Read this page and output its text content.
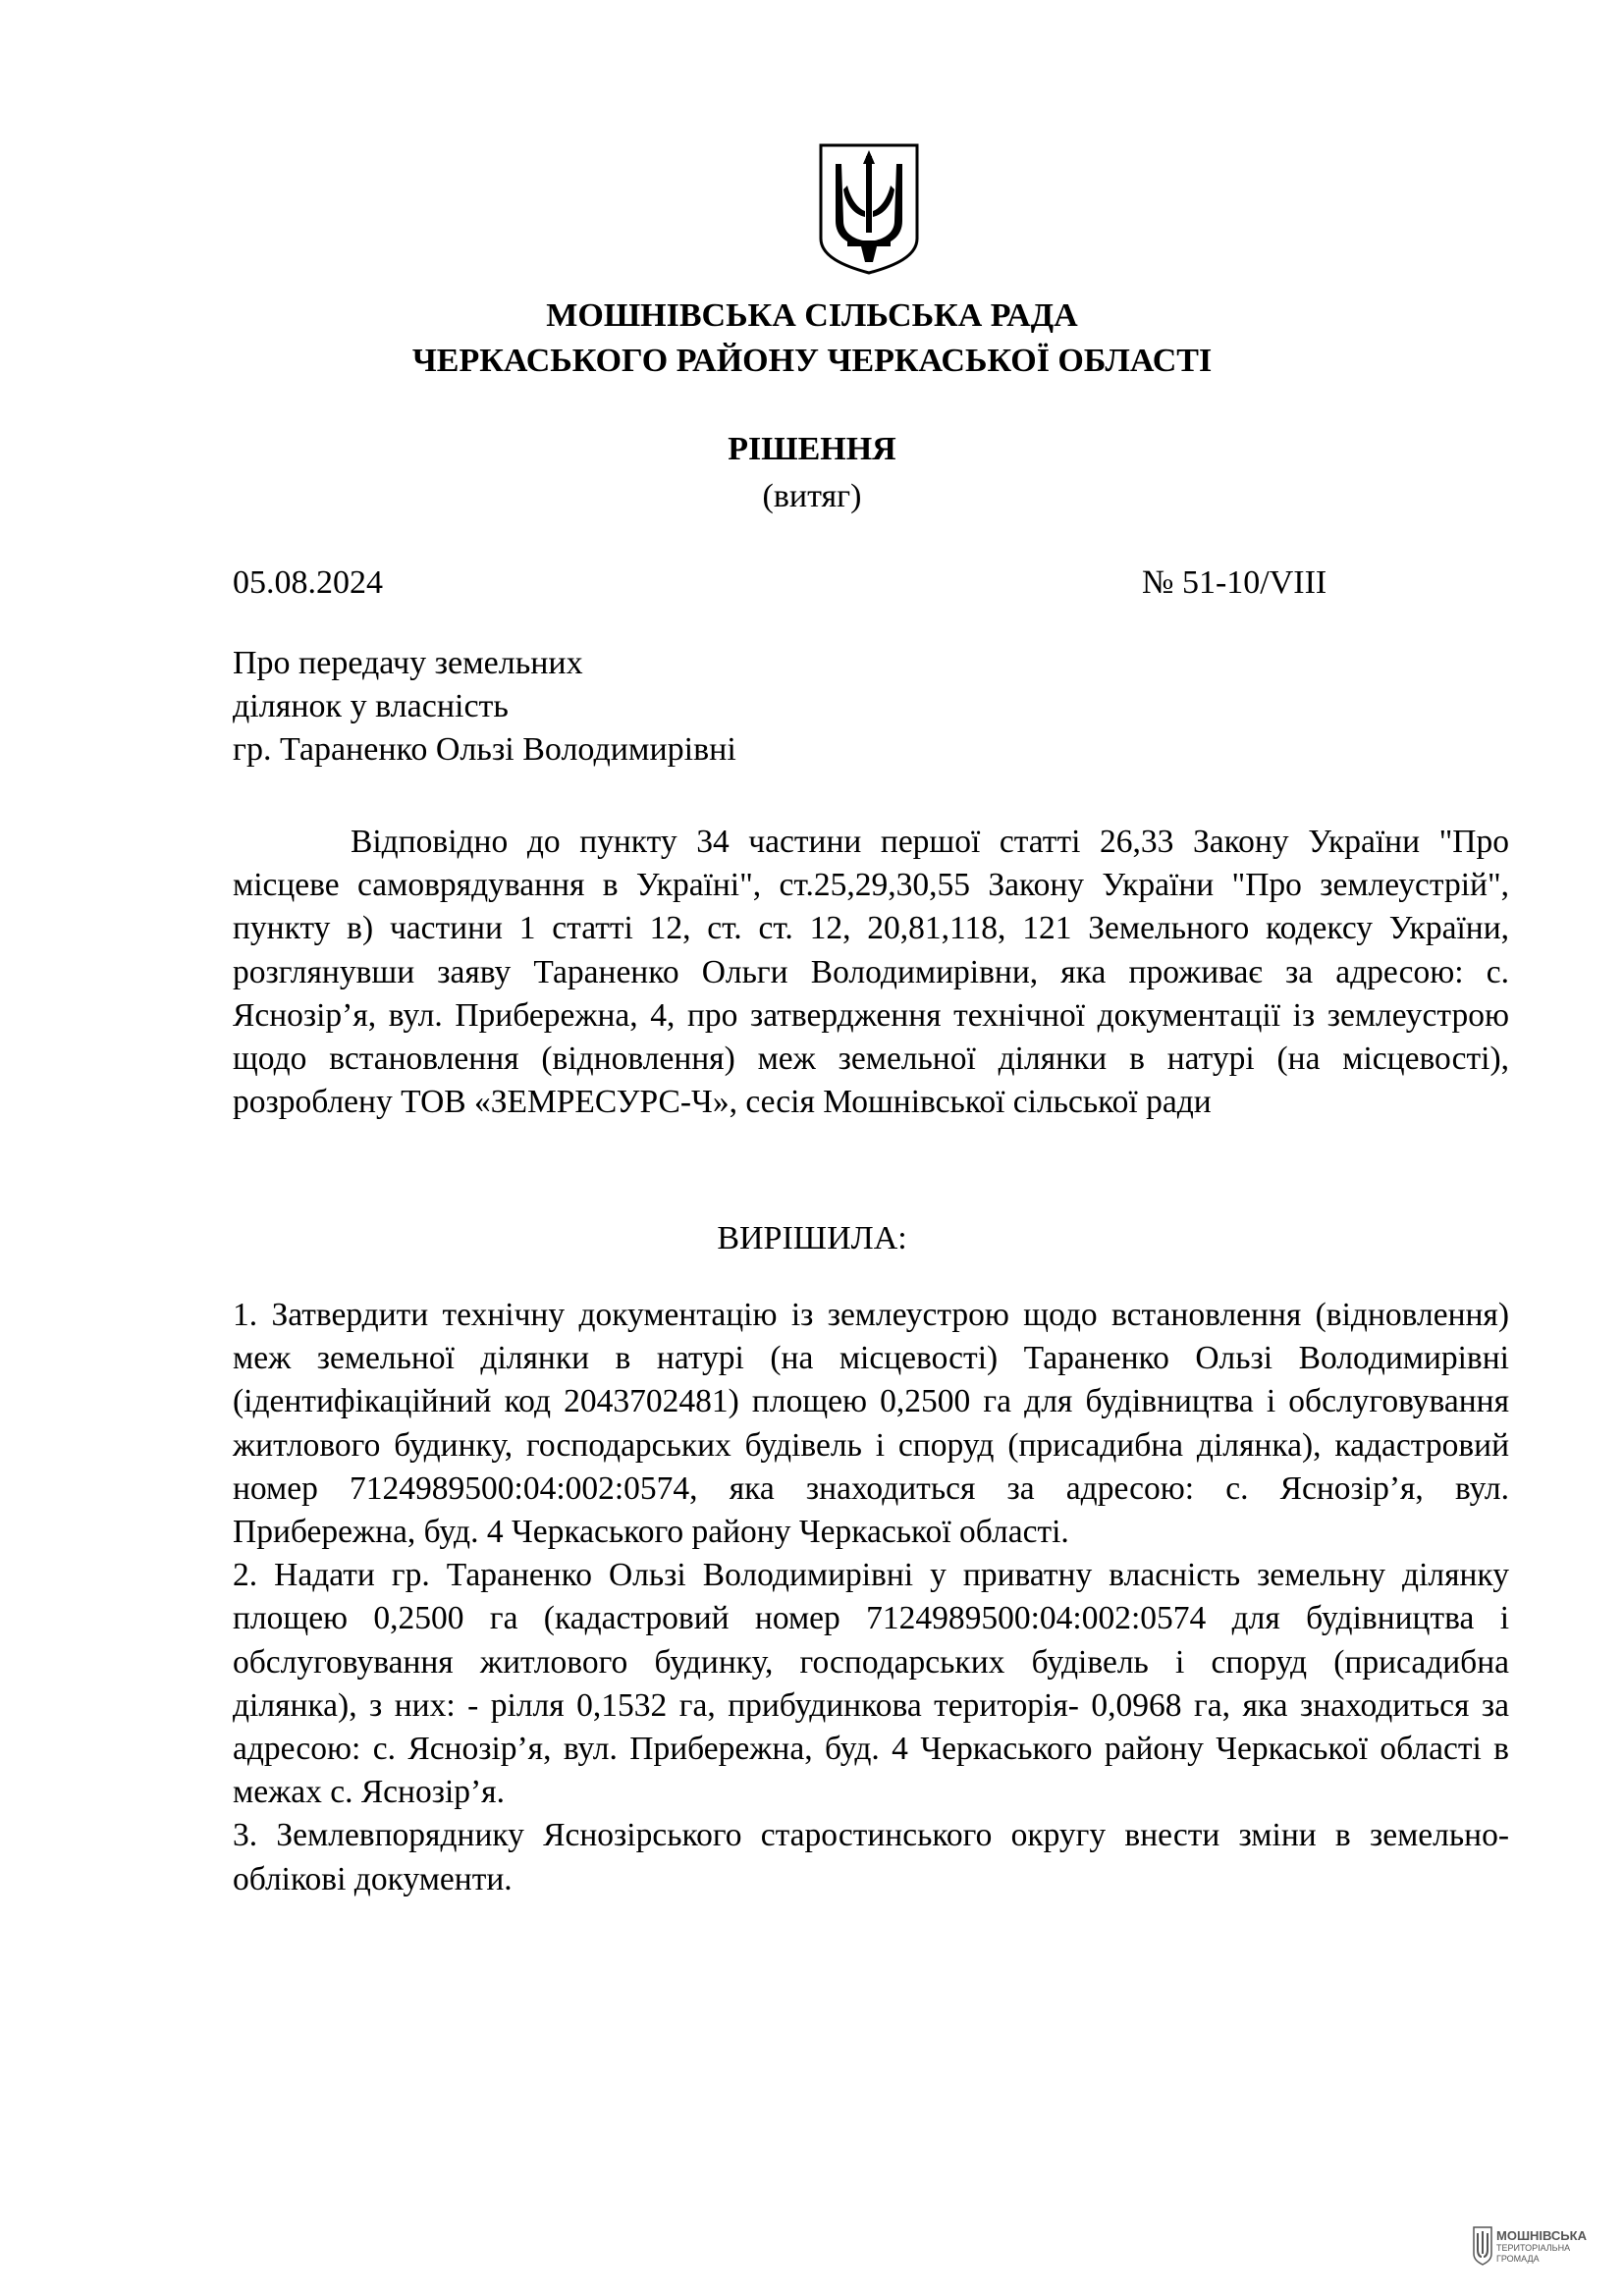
МОШНІВСЬКА СІЛЬСЬКА РАДА
ЧЕРКАСЬКОГО РАЙОНУ ЧЕРКАСЬКОЇ ОБЛАСТІ
РІШЕННЯ
(витяг)
05.08.2024	№ 51-10/VIII
Про передачу земельних
ділянок у власність
гр. Тараненко Ользі Володимирівні
Відповідно до пункту 34 частини першої статті 26,33 Закону України "Про місцеве самоврядування в Україні", ст.25,29,30,55 Закону України "Про землеустрій", пункту в) частини 1 статті 12, ст. ст. 12, 20,81,118, 121 Земельного кодексу України, розглянувши заяву Тараненко Ольги Володимирівни, яка проживає за адресою: с. Яснозір’я, вул. Прибережна, 4, про затвердження технічної документації із землеустрою щодо встановлення (відновлення) меж земельної ділянки в натурі (на місцевості), розроблену ТОВ «ЗЕМРЕСУРС-Ч», сесія Мошнівської сільської ради
ВИРІШИЛА:

1. Затвердити технічну документацію із землеустрою щодо встановлення (відновлення) меж земельної ділянки в натурі (на місцевості) Тараненко Ользі Володимирівні (ідентифікаційний код 2043702481) площею 0,2500 га для будівництва і обслуговування житлового будинку, господарських будівель і споруд (присадибна ділянка), кадастровий номер 7124989500:04:002:0574, яка знаходиться за адресою: с. Яснозір’я, вул. Прибережна, буд. 4 Черкаського району Черкаської області.

2. Надати гр. Тараненко Ользі Володимирівні у приватну власність земельну ділянку площею 0,2500 га (кадастровий номер 7124989500:04:002:0574 для будівництва і обслуговування житлового будинку, господарських будівель і споруд (присадибна ділянка), з них: - рілля 0,1532 га, прибудинкова територія- 0,0968 га, яка знаходиться за адресою: с. Яснозір’я, вул. Прибережна, буд. 4 Черкаського району Черкаської області в межах с. Яснозір’я.

3. Землевпоряднику Яснозірського старостинського округу внести зміни в земельно-облікові документи.

МОШНІВСЬКА
ТЕРИТОРІАЛЬНА
ГРОМАДА
